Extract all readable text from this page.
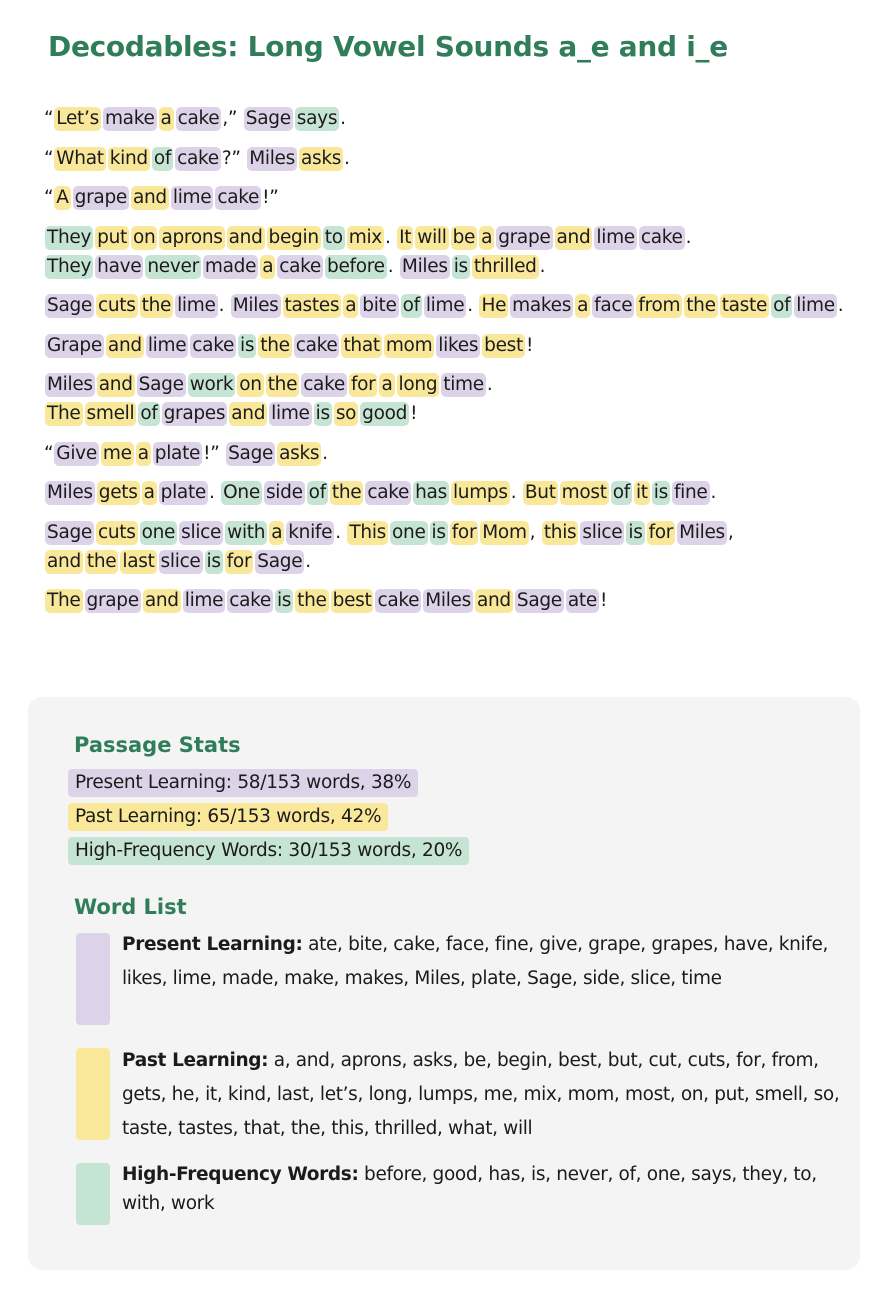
Decodables: Long Vowel Sounds a_e and i_e

“ Let’s make a cake ,” Sage says .

“ What kind of cake ?” Miles asks .

“ A grape and lime cake !”

They put on aprons and begin to mix . It will be a grape and lime cake . They have never made a cake before . Miles is thrilled .

Sage cuts the lime . Miles tastes a bite of lime . He makes a face from the taste of lime .

Grape and lime cake is the cake that mom likes best !

Miles and Sage work on the cake for a long time . The smell of grapes and lime is so good !

“ Give me a plate !” Sage asks .

Miles gets a plate . One side of the cake has lumps . But most of it is fine .

Sage cuts one slice with a knife . This one is for Mom , this slice is for Miles , and the last slice is for Sage .

The grape and lime cake is the best cake Miles and Sage ate !

Passage Stats
Present Learning: 58/153 words, 38%
Past Learning: 65/153 words, 42%
High-Frequency Words: 30/153 words, 20%
Word List
Present Learning: ate, bite, cake, face, fine, give, grape, grapes, have, knife, likes, lime, made, make, makes, Miles, plate, Sage, side, slice, time
Past Learning: a, and, aprons, asks, be, begin, best, but, cut, cuts, for, from, gets, he, it, kind, last, let’s, long, lumps, me, mix, mom, most, on, put, smell, so, taste, tastes, that, the, this, thrilled, what, will
High-Frequency Words: before, good, has, is, never, of, one, says, they, to, with, work
